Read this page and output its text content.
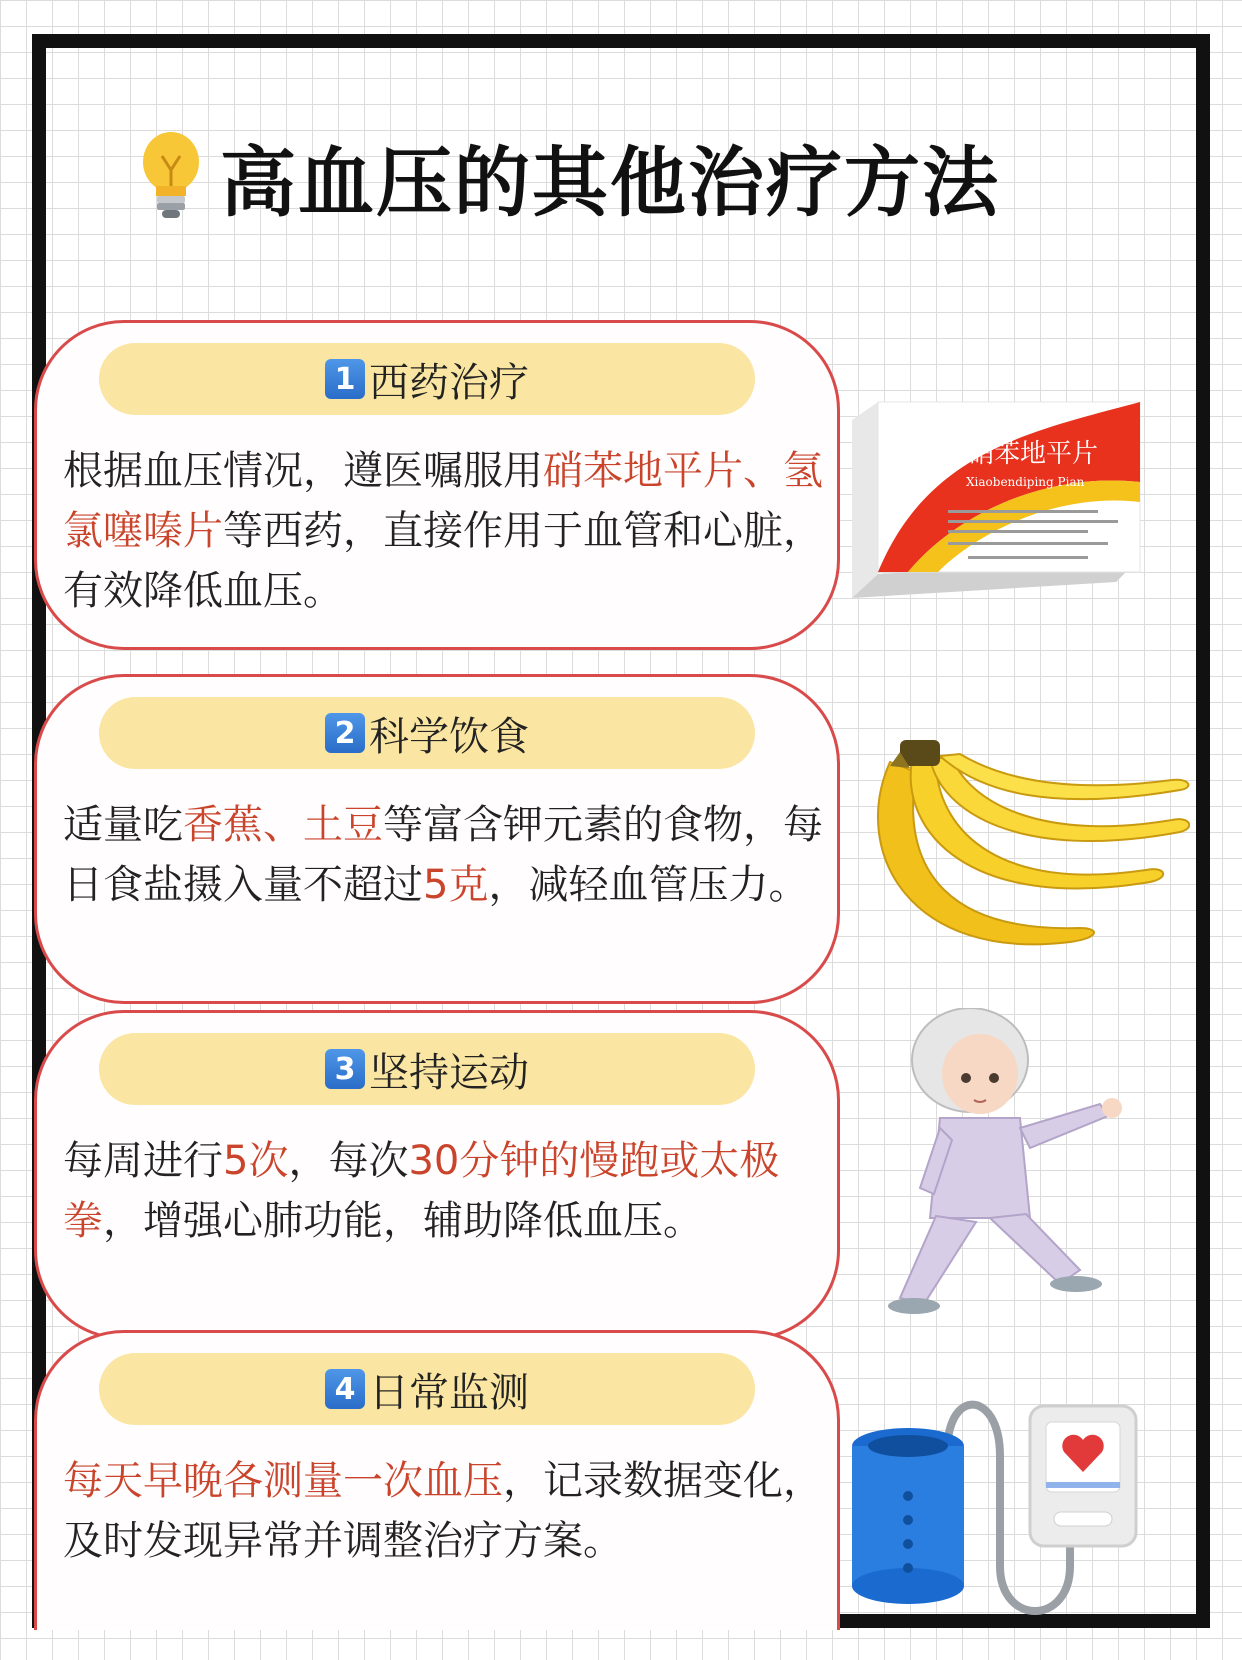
高血压的其他治疗方法
1 西药治疗
根据血压情况，遵医嘱服用硝苯地平片、氢氯噻嗪片等西药，直接作用于血管和心脏，有效降低血压。
2 科学饮食
适量吃香蕉、土豆等富含钾元素的食物，每日食盐摄入量不超过5克，减轻血管压力。
3 坚持运动
每周进行5次，每次30分钟的慢跑或太极拳，增强心肺功能，辅助降低血压。
4 日常监测
每天早晚各测量一次血压，记录数据变化，及时发现异常并调整治疗方案。
硝苯地平片
Xiaobendiping Pian
